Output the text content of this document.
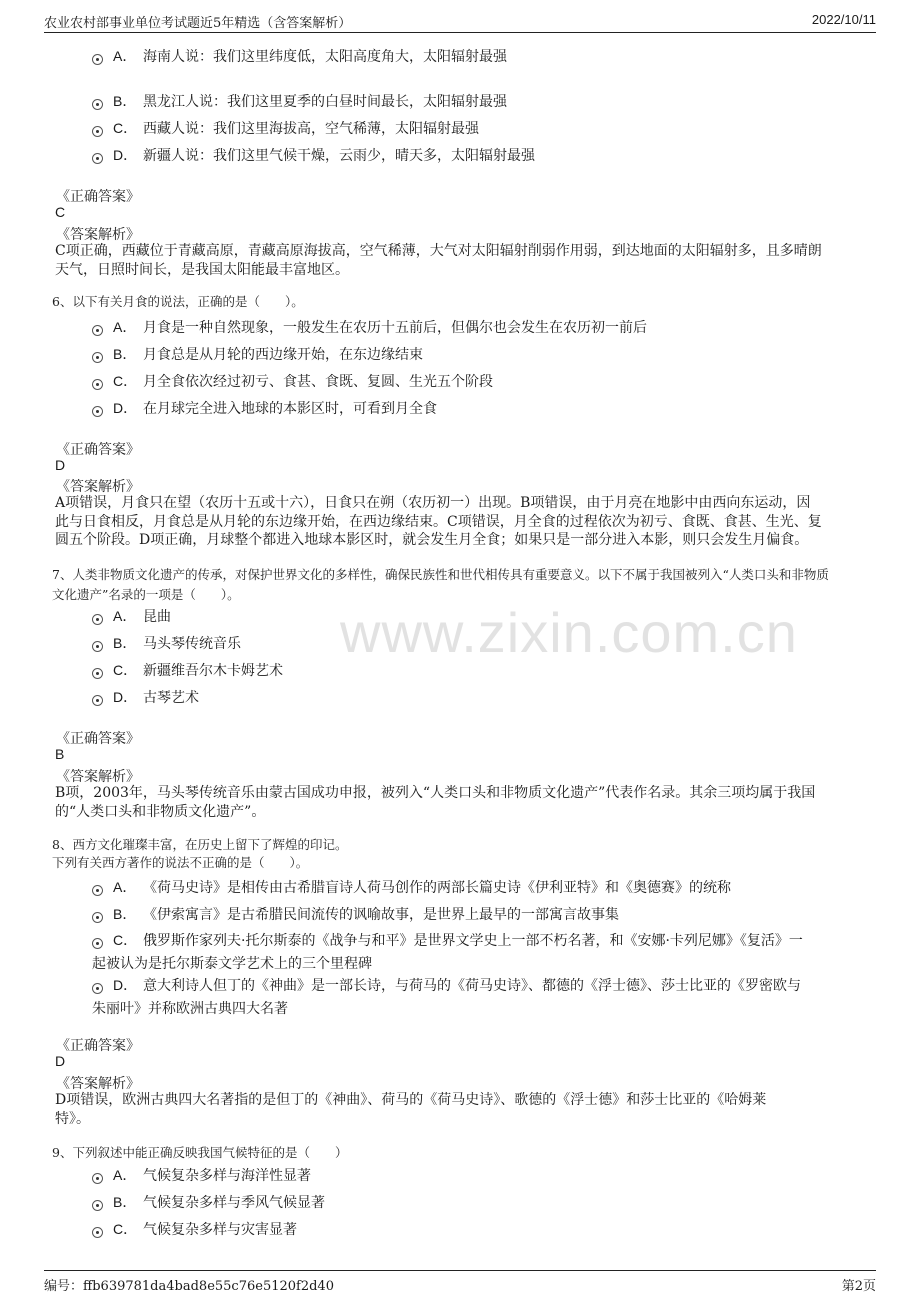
农业农村部事业单位考试题近5年精选（含答案解析）	2022/10/11
www.zixin.com.cn
A． 海南人说：我们这里纬度低，太阳高度角大，太阳辐射最强
B． 黑龙江人说：我们这里夏季的白昼时间最长，太阳辐射最强
C． 西藏人说：我们这里海拔高，空气稀薄，太阳辐射最强
D． 新疆人说：我们这里气候干燥，云雨少，晴天多，太阳辐射最强
《正确答案》
C
《答案解析》
C项正确，西藏位于青藏高原，青藏高原海拔高，空气稀薄，大气对太阳辐射削弱作用弱，到达地面的太阳辐射多，且多晴朗
天气，日照时间长，是我国太阳能最丰富地区。
6、以下有关月食的说法，正确的是（　　）。
A． 月食是一种自然现象，一般发生在农历十五前后，但偶尔也会发生在农历初一前后
B． 月食总是从月轮的西边缘开始，在东边缘结束
C． 月全食依次经过初亏、食甚、食既、复圆、生光五个阶段
D． 在月球完全进入地球的本影区时，可看到月全食
《正确答案》
D
《答案解析》
A项错误，月食只在望（农历十五或十六），日食只在朔（农历初一）出现。B项错误，由于月亮在地影中由西向东运动，因
此与日食相反，月食总是从月轮的东边缘开始，在西边缘结束。C项错误，月全食的过程依次为初亏、食既、食甚、生光、复
圆五个阶段。D项正确，月球整个都进入地球本影区时，就会发生月全食；如果只是一部分进入本影，则只会发生月偏食。
7、人类非物质文化遗产的传承，对保护世界文化的多样性，确保民族性和世代相传具有重要意义。以下不属于我国被列入“人类口头和非物质
文化遗产”名录的一项是（　　）。
A． 昆曲
B． 马头琴传统音乐
C． 新疆维吾尔木卡姆艺术
D． 古琴艺术
《正确答案》
B
《答案解析》
B项，2003年，马头琴传统音乐由蒙古国成功申报，被列入“人类口头和非物质文化遗产”代表作名录。其余三项均属于我国
的“人类口头和非物质文化遗产”。
8、西方文化璀璨丰富，在历史上留下了辉煌的印记。
下列有关西方著作的说法不正确的是（　　）。
A． 《荷马史诗》是相传由古希腊盲诗人荷马创作的两部长篇史诗《伊利亚特》和《奥德赛》的统称
B． 《伊索寓言》是古希腊民间流传的讽喻故事，是世界上最早的一部寓言故事集
C． 俄罗斯作家列夫·托尔斯泰的《战争与和平》是世界文学史上一部不朽名著，和《安娜·卡列尼娜》《复活》一
起被认为是托尔斯泰文学艺术上的三个里程碑
D． 意大利诗人但丁的《神曲》是一部长诗，与荷马的《荷马史诗》、都德的《浮士德》、莎士比亚的《罗密欧与
朱丽叶》并称欧洲古典四大名著
《正确答案》
D
《答案解析》
D项错误，欧洲古典四大名著指的是但丁的《神曲》、荷马的《荷马史诗》、歌德的《浮士德》和莎士比亚的《哈姆莱
特》。
9、下列叙述中能正确反映我国气候特征的是（　　）
A． 气候复杂多样与海洋性显著
B． 气候复杂多样与季风气候显著
C． 气候复杂多样与灾害显著
编号：ffb639781da4bad8e55c76e5120f2d40	第2页
